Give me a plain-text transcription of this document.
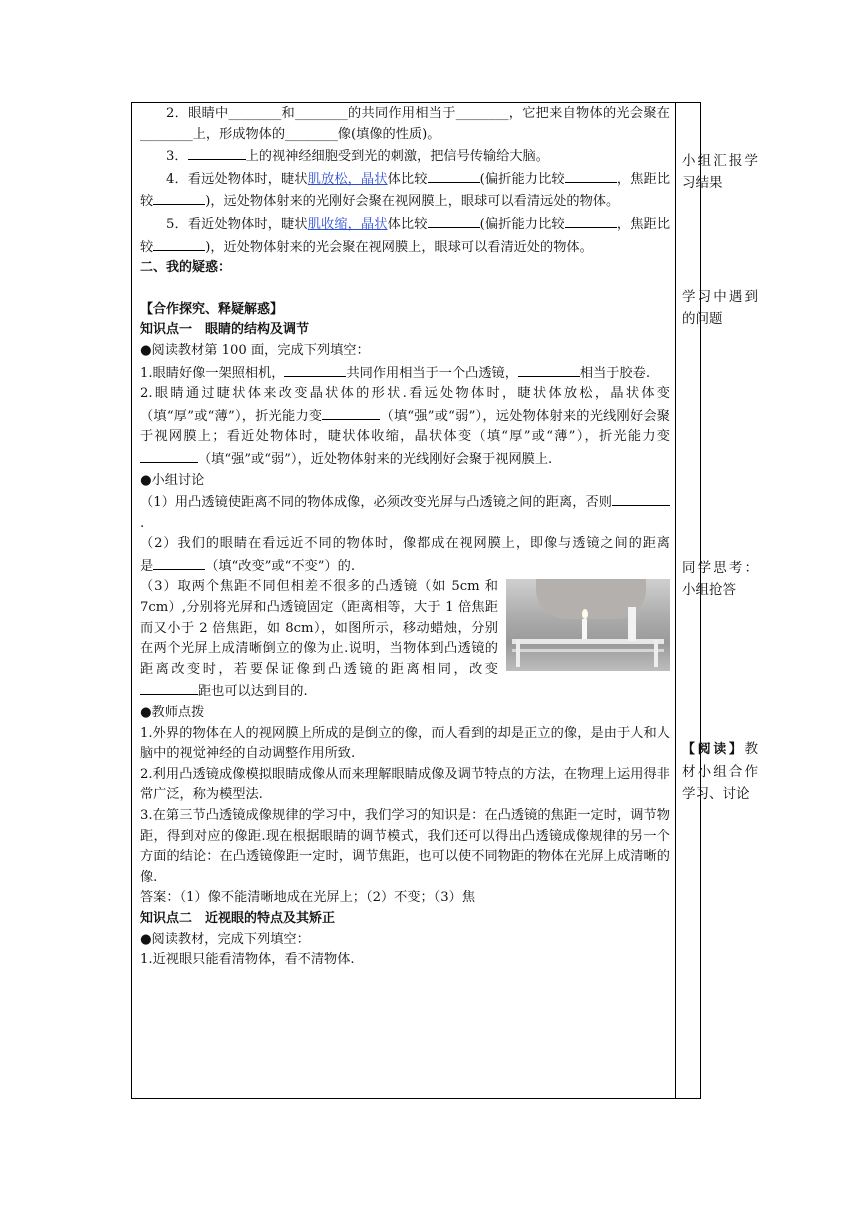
2．眼睛中________和________的共同作用相当于________，它把来自物体的光会聚在________上，形成物体的________像(填像的性质)。

3．	上的视神经细胞受到光的刺激，把信号传输给大脑。

4．看远处物体时，睫状肌放松，晶状体比较	(偏折能力比较	，焦距比较	)，远处物体射来的光刚好会聚在视网膜上，眼球可以看清远处的物体。

5．看近处物体时，睫状肌收缩，晶状体比较	(偏折能力比较	，焦距比较	)，近处物体射来的光会聚在视网膜上，眼球可以看清近处的物体。

二、我的疑惑：

【合作探究、释疑解惑】

知识点一　眼睛的结构及调节

●阅读教材第 100 面，完成下列填空：

1.眼睛好像一架照相机，	共同作用相当于一个凸透镜，	相当于胶卷.

2.眼睛通过睫状体来改变晶状体的形状.看远处物体时，睫状体放松，晶状体变（填“厚”或“薄”），折光能力变	（填“强”或“弱”），远处物体射来的光线刚好会聚于视网膜上；看近处物体时，睫状体收缩，晶状体变（填“厚”或“薄”），折光能力变（填“强”或“弱”），近处物体射来的光线刚好会聚于视网膜上.

●小组讨论

（1）用凸透镜使距离不同的物体成像，必须改变光屏与凸透镜之间的距离，否则.

（2）我们的眼睛在看远近不同的物体时，像都成在视网膜上，即像与透镜之间的距离　　　是	（填“改变”或“不变”）的.

（3）取两个焦距不同但相差不很多的凸透镜（如 5cm 和 7cm）,分别将光屏和凸透镜固定（距离相等，大于 1 倍焦距而又小于 2 倍焦距，如 8cm），如图所示，移动蜡烛，分别在两个光屏上成清晰倒立的像为止.说明，当物体到凸透镜的距离改变时，若要保证像到凸透镜的距离相同，改变距也可以达到目的.

●教师点拨

1.外界的物体在人的视网膜上所成的是倒立的像，而人看到的却是正立的像，是由于人和人脑中的视觉神经的自动调整作用所致.

2.利用凸透镜成像模拟眼睛成像从而来理解眼睛成像及调节特点的方法，在物理上运用得非常广泛，称为模型法.

3.在第三节凸透镜成像规律的学习中，我们学习的知识是：在凸透镜的焦距一定时，调节物距，得到对应的像距.现在根据眼睛的调节模式，我们还可以得出凸透镜成像规律的另一个方面的结论：在凸透镜像距一定时，调节焦距，也可以使不同物距的物体在光屏上成清晰的像.

答案：（1）像不能清晰地成在光屏上；（2）不变；（3）焦

知识点二　近视眼的特点及其矫正

●阅读教材，完成下列填空：

1.近视眼只能看清物体，看不清物体.

小组汇报学习结果
学习中遇到的问题
同学思考：小组抢答
【阅读】教材小组合作学习、讨论
